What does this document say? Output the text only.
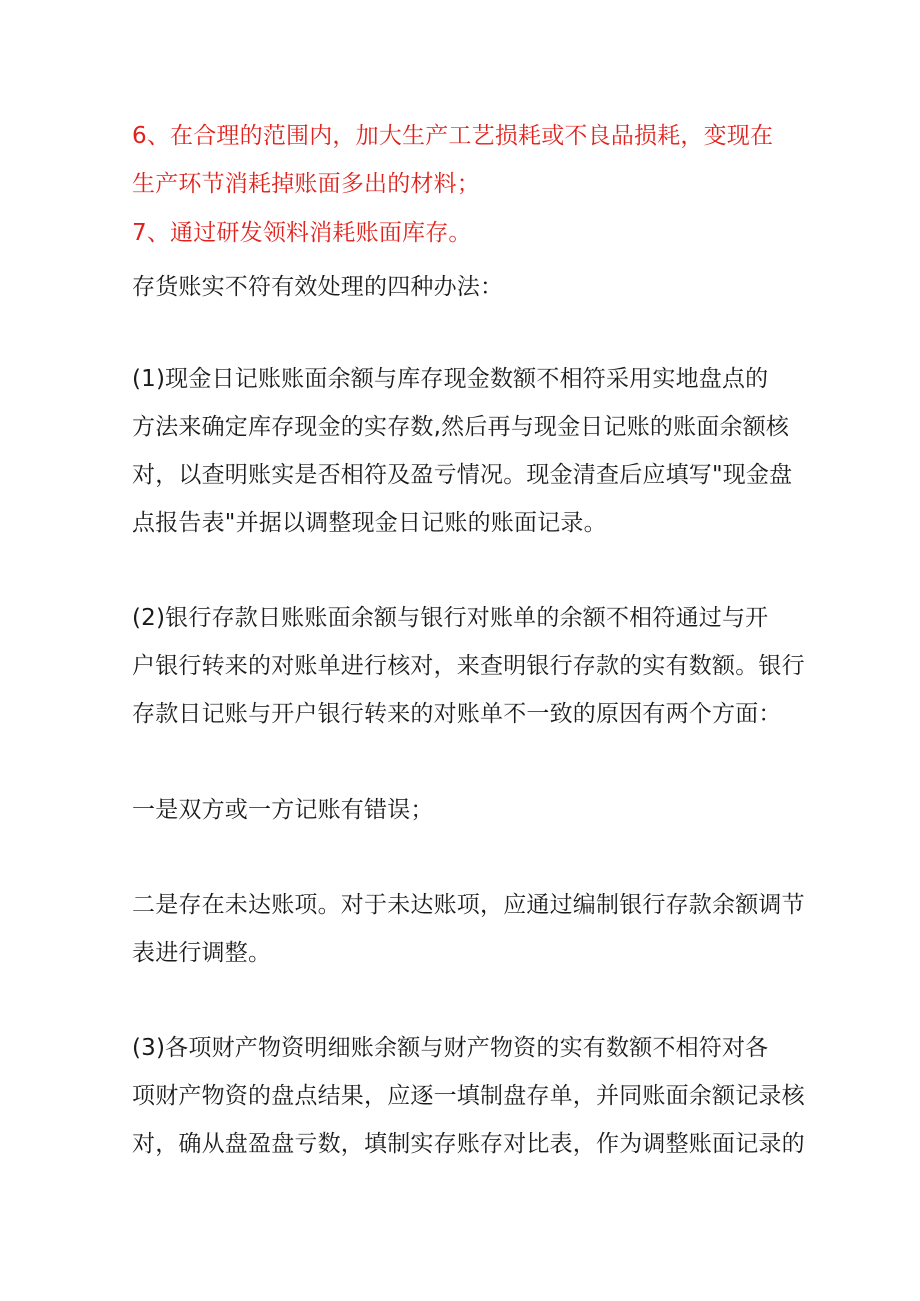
6、在合理的范围内，加大生产工艺损耗或不良品损耗，变现在
生产环节消耗掉账面多出的材料；
7、通过研发领料消耗账面库存。
存货账实不符有效处理的四种办法：
(1)现金日记账账面余额与库存现金数额不相符采用实地盘点的
方法来确定库存现金的实存数,然后再与现金日记账的账面余额核
对，以查明账实是否相符及盈亏情况。现金清查后应填写"现金盘
点报告表"并据以调整现金日记账的账面记录。
(2)银行存款日账账面余额与银行对账单的余额不相符通过与开
户银行转来的对账单进行核对，来查明银行存款的实有数额。银行
存款日记账与开户银行转来的对账单不一致的原因有两个方面：
一是双方或一方记账有错误；
二是存在未达账项。对于未达账项，应通过编制银行存款余额调节
表进行调整。
(3)各项财产物资明细账余额与财产物资的实有数额不相符对各
项财产物资的盘点结果，应逐一填制盘存单，并同账面余额记录核
对，确从盘盈盘亏数，填制实存账存对比表，作为调整账面记录的
